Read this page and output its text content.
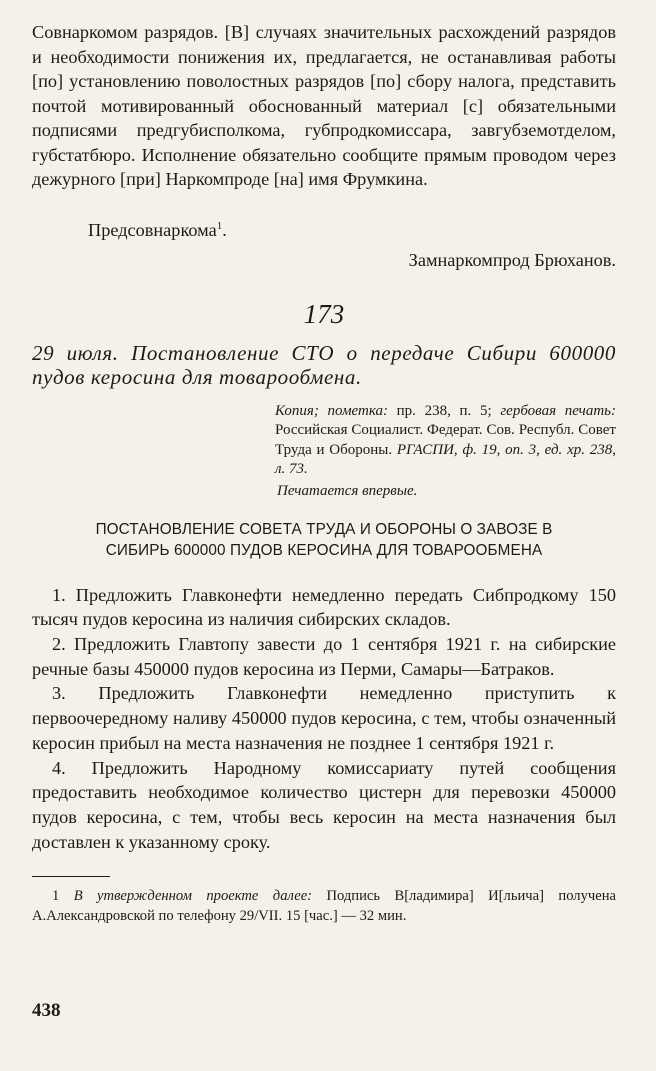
Совнаркомом разрядов. [В] случаях значительных расхождений разрядов и необходимости понижения их, предлагается, не останавливая работы [по] установлению поволостных разрядов [по] сбору налога, представить почтой мотивированный обоснованный материал [с] обязательными подписями предгубисполкома, губпродкомиссара, завгубземотделом, губстатбюро. Исполнение обязательно сообщите прямым проводом через дежурного [при] Наркомпроде [на] имя Фрумкина.

Предсовнаркома$^1$.

Замнаркомпрод Брюханов.

173

29 июля. Постановление СТО о передаче Сибири 600000 пудов керосина для товарообмена.

Копия; пометка: пр. 238, п. 5; гербовая печать: Российская Социалист. Федерат. Сов. Республ. Совет Труда и Обороны. РГАСПИ, ф. 19, оп. 3, ед. хр. 238, л. 73.

Печатается впервые.

ПОСТАНОВЛЕНИЕ СОВЕТА ТРУДА И ОБОРОНЫ О ЗАВОЗЕ В
СИБИРЬ 600000 ПУДОВ КЕРОСИНА ДЛЯ ТОВАРООБМЕНА

1. Предложить Главконефти немедленно передать Сибпродкому 150 тысяч пудов керосина из наличия сибирских складов.

2. Предложить Главтопу завести до 1 сентября 1921 г. на сибирские речные базы 450000 пудов керосина из Перми, Самары—Батраков.

3. Предложить Главконефти немедленно приступить к первоочередному наливу 450000 пудов керосина, с тем, чтобы означенный керосин прибыл на места назначения не позднее 1 сентября 1921 г.

4. Предложить Народному комиссариату путей сообщения предоставить необходимое количество цистерн для перевозки 450000 пудов керосина, с тем, чтобы весь керосин на места назначения был доставлен к указанному сроку.

1 В утвержденном проекте далее: Подпись В[ладимира] И[льича] получена А.Александровской по телефону 29/VII. 15 [час.] — 32 мин.

438
